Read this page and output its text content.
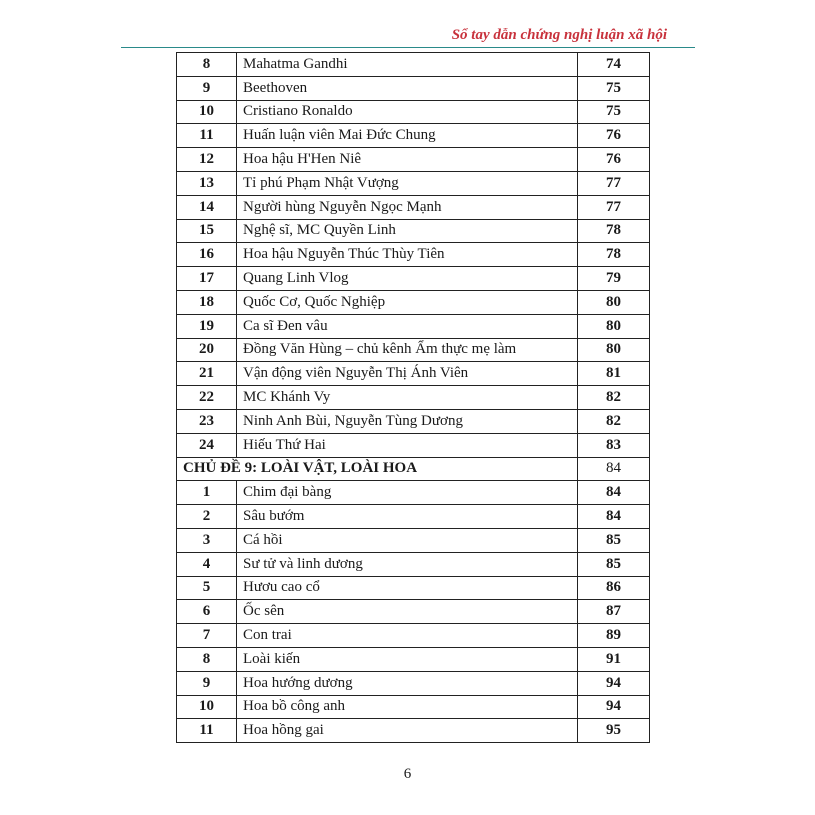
Sổ tay dẫn chứng nghị luận xã hội
8	Mahatma Gandhi	74
9	Beethoven	75
10	Cristiano Ronaldo	75
11	Huấn luận viên Mai Đức Chung	76
12	Hoa hậu H'Hen Niê	76
13	Tỉ phú Phạm Nhật Vượng	77
14	Người hùng Nguyễn Ngọc Mạnh	77
15	Nghệ sĩ, MC Quyền Linh	78
16	Hoa hậu Nguyễn Thúc Thùy Tiên	78
17	Quang Linh Vlog	79
18	Quốc Cơ, Quốc Nghiệp	80
19	Ca sĩ Đen vâu	80
20	Đồng Văn Hùng – chủ kênh Ẩm thực mẹ làm	80
21	Vận động viên Nguyễn Thị Ánh Viên	81
22	MC Khánh Vy	82
23	Ninh Anh Bùi, Nguyễn Tùng Dương	82
24	Hiếu Thứ Hai	83
CHỦ ĐỀ 9: LOÀI VẬT, LOÀI HOA		84
1	Chim đại bàng	84
2	Sâu bướm	84
3	Cá hồi	85
4	Sư tử và linh dương	85
5	Hươu cao cổ	86
6	Ốc sên	87
7	Con trai	89
8	Loài kiến	91
9	Hoa hướng dương	94
10	Hoa bồ công anh	94
11	Hoa hồng gai	95
6
